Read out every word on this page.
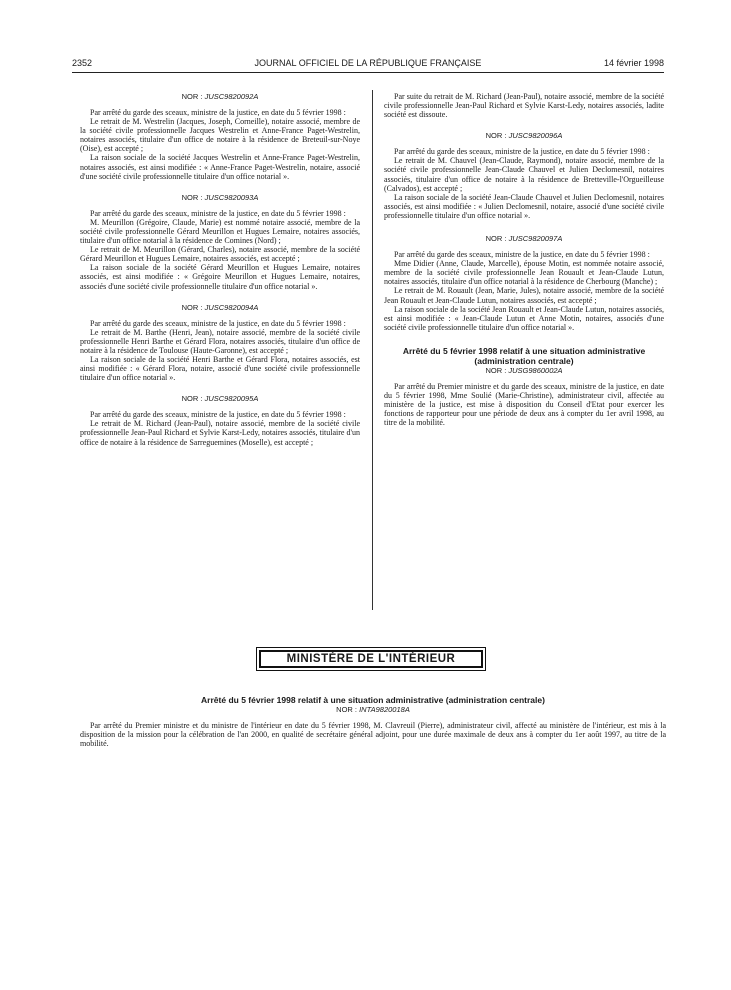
2352	JOURNAL OFFICIEL DE LA RÉPUBLIQUE FRANÇAISE	14 février 1998
NOR : JUSC9820092A

Par arrêté du garde des sceaux, ministre de la justice, en date du 5 février 1998 :

Le retrait de M. Westrelin (Jacques, Joseph, Corneille), notaire associé, membre de la société civile professionnelle Jacques Westrelin et Anne-France Paget-Westrelin, notaires associés, titulaire d'un office de notaire à la résidence de Breteuil-sur-Noye (Oise), est accepté ;

La raison sociale de la société Jacques Westrelin et Anne-France Paget-Westrelin, notaires associés, est ainsi modifiée : « Anne-France Paget-Westrelin, notaire, associé d'une société civile professionnelle titulaire d'un office notarial ».

NOR : JUSC9820093A

Par arrêté du garde des sceaux, ministre de la justice, en date du 5 février 1998 :

M. Meurillon (Grégoire, Claude, Marie) est nommé notaire associé, membre de la société civile professionnelle Gérard Meurillon et Hugues Lemaire, notaires associés, titulaire d'un office notarial à la résidence de Comines (Nord) ;

Le retrait de M. Meurillon (Gérard, Charles), notaire associé, membre de la société Gérard Meurillon et Hugues Lemaire, notaires associés, est accepté ;

La raison sociale de la société Gérard Meurillon et Hugues Lemaire, notaires associés, est ainsi modifiée : « Grégoire Meurillon et Hugues Lemaire, notaires, associés d'une société civile professionnelle titulaire d'un office notarial ».

NOR : JUSC9820094A

Par arrêté du garde des sceaux, ministre de la justice, en date du 5 février 1998 :

Le retrait de M. Barthe (Henri, Jean), notaire associé, membre de la société civile professionnelle Henri Barthe et Gérard Flora, notaires associés, titulaire d'un office de notaire à la résidence de Toulouse (Haute-Garonne), est accepté ;

La raison sociale de la société Henri Barthe et Gérard Flora, notaires associés, est ainsi modifiée : « Gérard Flora, notaire, associé d'une société civile professionnelle titulaire d'un office notarial ».

NOR : JUSC9820095A

Par arrêté du garde des sceaux, ministre de la justice, en date du 5 février 1998 :

Le retrait de M. Richard (Jean-Paul), notaire associé, membre de la société civile professionnelle Jean-Paul Richard et Sylvie Karst-Ledy, notaires associés, titulaire d'un office de notaire à la résidence de Sarreguemines (Moselle), est accepté ;

Par suite du retrait de M. Richard (Jean-Paul), notaire associé, membre de la société civile professionnelle Jean-Paul Richard et Sylvie Karst-Ledy, notaires associés, ladite société est dissoute.

NOR : JUSC9820096A

Par arrêté du garde des sceaux, ministre de la justice, en date du 5 février 1998 :

Le retrait de M. Chauvel (Jean-Claude, Raymond), notaire associé, membre de la société civile professionnelle Jean-Claude Chauvel et Julien Declomesnil, notaires associés, titulaire d'un office de notaire à la résidence de Bretteville-l'Orgueilleuse (Calvados), est accepté ;

La raison sociale de la société Jean-Claude Chauvel et Julien Declomesnil, notaires associés, est ainsi modifiée : « Julien Declomesnil, notaire, associé d'une société civile professionnelle titulaire d'un office notarial ».

NOR : JUSC9820097A

Par arrêté du garde des sceaux, ministre de la justice, en date du 5 février 1998 :

Mme Didier (Anne, Claude, Marcelle), épouse Motin, est nommée notaire associé, membre de la société civile professionnelle Jean Rouault et Jean-Claude Lutun, notaires associés, titulaire d'un office notarial à la résidence de Cherbourg (Manche) ;

Le retrait de M. Rouault (Jean, Marie, Jules), notaire associé, membre de la société Jean Rouault et Jean-Claude Lutun, notaires associés, est accepté ;

La raison sociale de la société Jean Rouault et Jean-Claude Lutun, notaires associés, est ainsi modifiée : « Jean-Claude Lutun et Anne Motin, notaires, associés d'une société civile professionnelle titulaire d'un office notarial ».

Arrêté du 5 février 1998 relatif à une situation administrative (administration centrale)
NOR : JUSG9860002A

Par arrêté du Premier ministre et du garde des sceaux, ministre de la justice, en date du 5 février 1998, Mme Soulié (Marie-Christine), administrateur civil, affectée au ministère de la justice, est mise à disposition du Conseil d'Etat pour exercer les fonctions de rapporteur pour une période de deux ans à compter du 1er avril 1998, au titre de la mobilité.

MINISTÈRE DE L'INTÉRIEUR
Arrêté du 5 février 1998 relatif à une situation administrative (administration centrale)
NOR : INTA9820018A

Par arrêté du Premier ministre et du ministre de l'intérieur en date du 5 février 1998, M. Clavreuil (Pierre), administrateur civil, affecté au ministère de l'intérieur, est mis à la disposition de la mission pour la célébration de l'an 2000, en qualité de secrétaire général adjoint, pour une durée maximale de deux ans à compter du 1er août 1997, au titre de la mobilité.
